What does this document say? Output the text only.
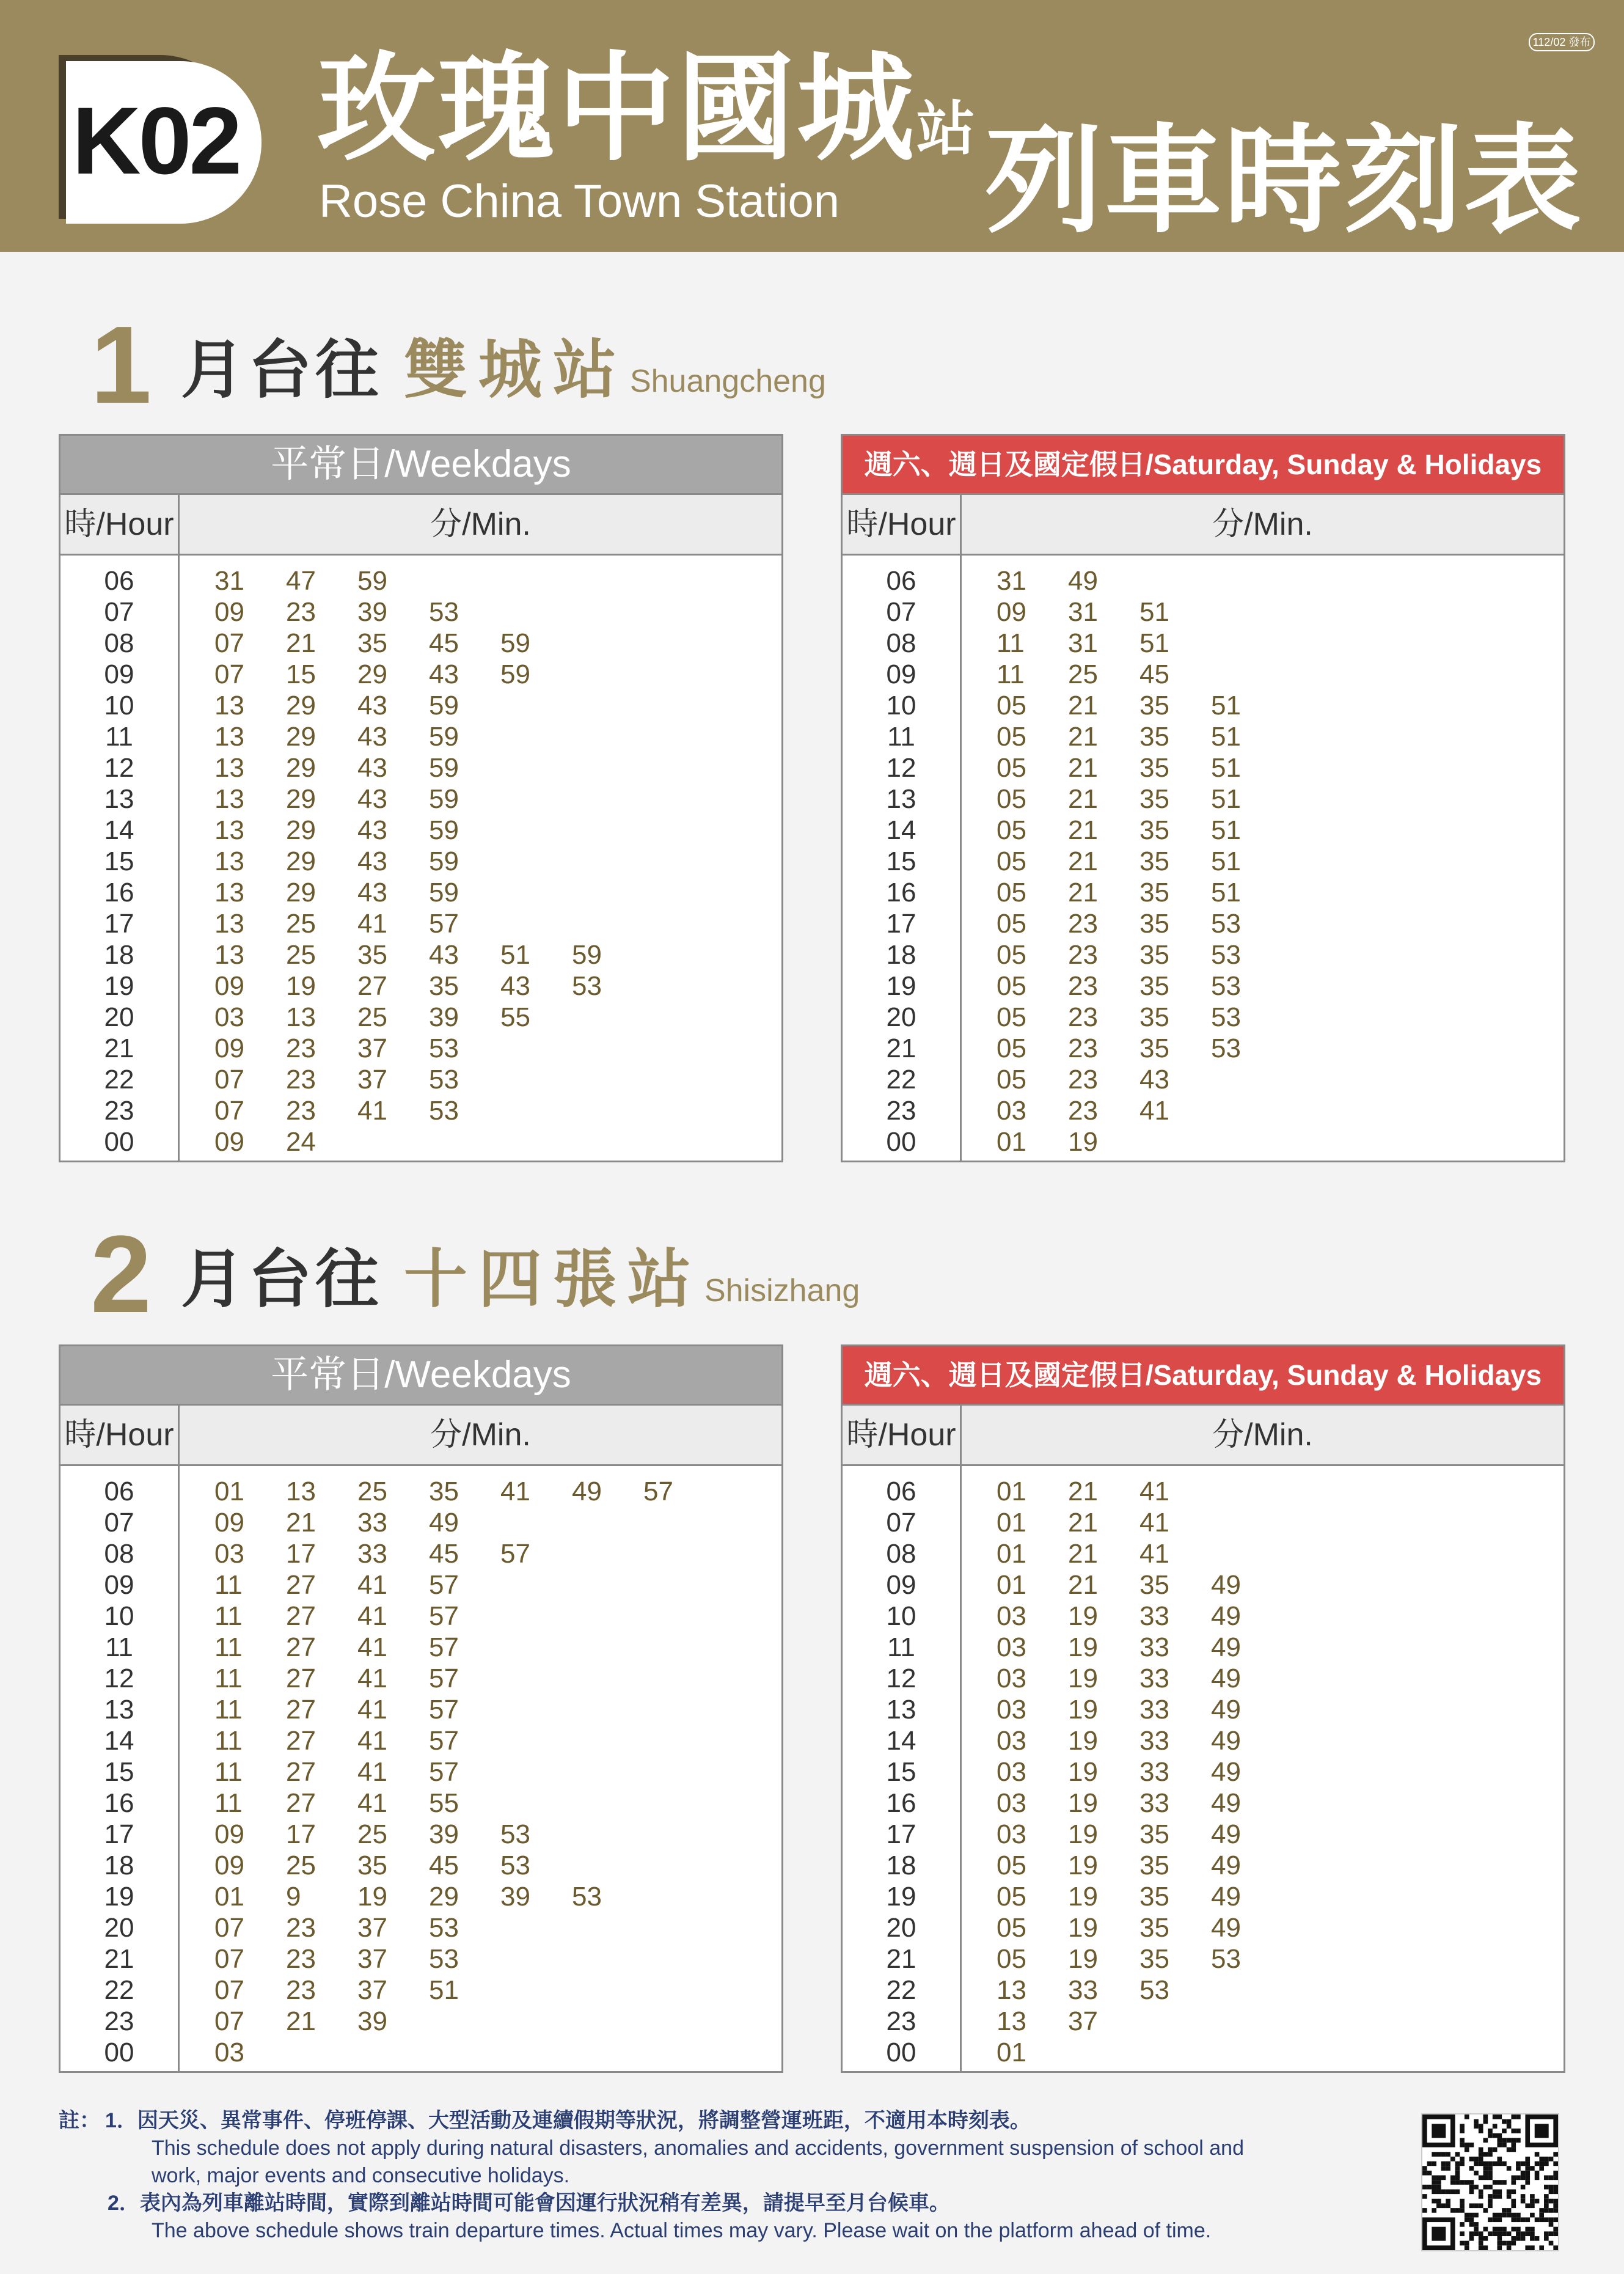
K02 玫瑰中國城站
Rose China Town Station 列車時刻表
112/02 發布
1 月台往 雙城站Shuangcheng
平常日/Weekdays
時/Hour	分/Min.
06	31 47 59
07	09 23 39 53
08	07 21 35 45 59
09	07 15 29 43 59
10	13 29 43 59
11	13 29 43 59
12	13 29 43 59
13	13 29 43 59
14	13 29 43 59
15	13 29 43 59
16	13 29 43 59
17	13 25 41 57
18	13 25 35 43 51 59
19	09 19 27 35 43 53
20	03 13 25 39 55
21	09 23 37 53
22	07 23 37 53
23	07 23 41 53
00	09 24
週六、週日及國定假日/Saturday, Sunday & Holidays
時/Hour	分/Min.
06	31 49
07	09 31 51
08	11 31 51
09	11 25 45
10	05 21 35 51
11	05 21 35 51
12	05 21 35 51
13	05 21 35 51
14	05 21 35 51
15	05 21 35 51
16	05 21 35 51
17	05 23 35 53
18	05 23 35 53
19	05 23 35 53
20	05 23 35 53
21	05 23 35 53
22	05 23 43
23	03 23 41
00	01 19
2 月台往 十四張站Shisizhang
平常日/Weekdays
時/Hour	分/Min.
06	01 13 25 35 41 49 57
07	09 21 33 49
08	03 17 33 45 57
09	11 27 41 57
10	11 27 41 57
11	11 27 41 57
12	11 27 41 57
13	11 27 41 57
14	11 27 41 57
15	11 27 41 57
16	11 27 41 55
17	09 17 25 39 53
18	09 25 35 45 53
19	01 9 19 29 39 53
20	07 23 37 53
21	07 23 37 53
22	07 23 37 51
23	07 21 39
00	03
週六、週日及國定假日/Saturday, Sunday & Holidays
時/Hour	分/Min.
06	01 21 41
07	01 21 41
08	01 21 41
09	01 21 35 49
10	03 19 33 49
11	03 19 33 49
12	03 19 33 49
13	03 19 33 49
14	03 19 33 49
15	03 19 33 49
16	03 19 33 49
17	03 19 35 49
18	05 19 35 49
19	05 19 35 49
20	05 19 35 49
21	05 19 35 53
22	13 33 53
23	13 37
00	01
註： 1．因天災、異常事件、停班停課、大型活動及連續假期等狀況，將調整營運班距，不適用本時刻表。
This schedule does not apply during natural disasters, anomalies and accidents, government suspension of school and
work, major events and consecutive holidays.
2．表內為列車離站時間，實際到離站時間可能會因運行狀況稍有差異，請提早至月台候車。
The above schedule shows train departure times. Actual times may vary. Please wait on the platform ahead of time.
